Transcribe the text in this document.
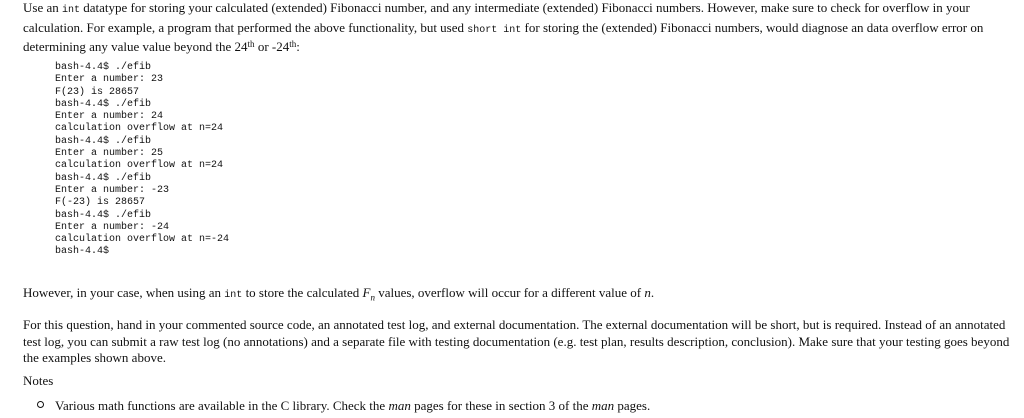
Use an int datatype for storing your calculated (extended) Fibonacci number, and any intermediate (extended) Fibonacci numbers. However, make sure to check for overflow in your calculation. For example, a program that performed the above functionality, but used short int for storing the (extended) Fibonacci numbers, would diagnose an data overflow error on determining any value value beyond the 24th or -24th:

bash-4.4$ ./efib
Enter a number: 23
F(23) is 28657
bash-4.4$ ./efib
Enter a number: 24
calculation overflow at n=24
bash-4.4$ ./efib
Enter a number: 25
calculation overflow at n=24
bash-4.4$ ./efib
Enter a number: -23
F(-23) is 28657
bash-4.4$ ./efib
Enter a number: -24
calculation overflow at n=-24
bash-4.4$

However, in your case, when using an int to store the calculated $F_n$ values, overflow will occur for a different value of n.

For this question, hand in your commented source code, an annotated test log, and external documentation. The external documentation will be short, but is required. Instead of an annotated test log, you can submit a raw test log (no annotations) and a separate file with testing documentation (e.g. test plan, results description, conclusion). Make sure that your testing goes beyond the examples shown above.

Notes

Various math functions are available in the C library. Check the man pages for these in section 3 of the man pages.
